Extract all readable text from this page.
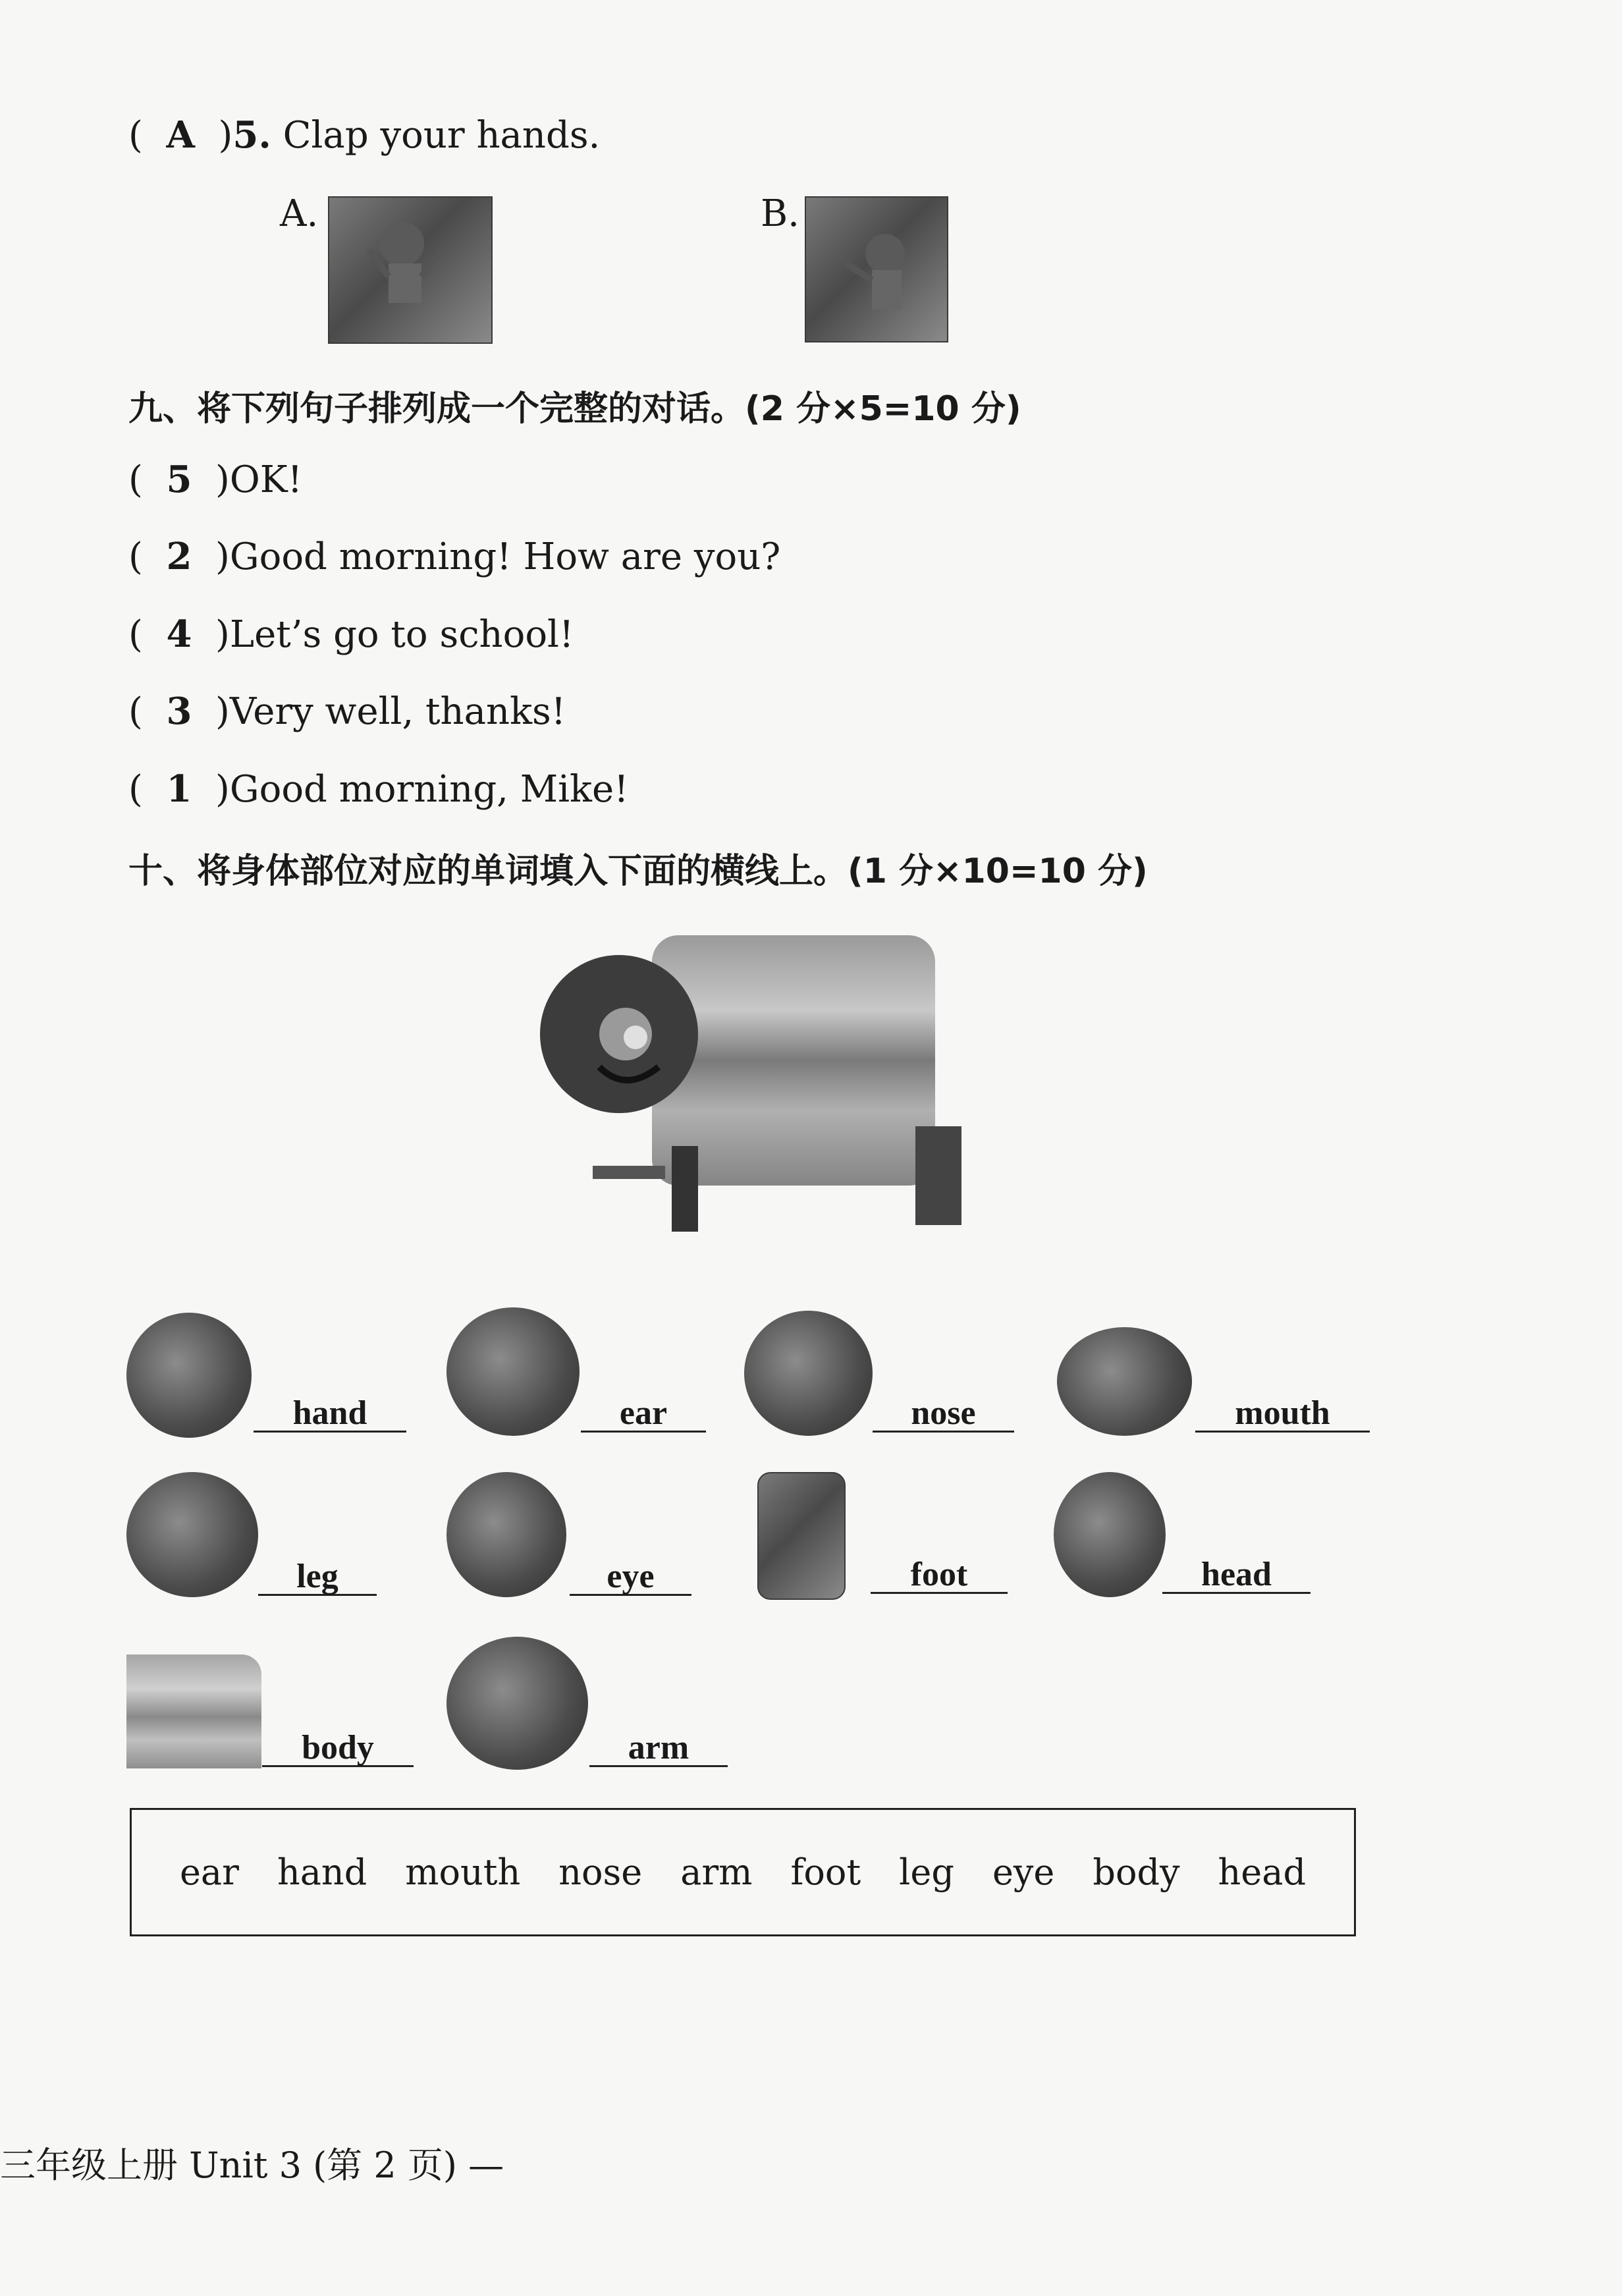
( A )5. Clap your hands.
A.	B.
九、将下列句子排列成一个完整的对话。(2 分×5=10 分)
( 5 )OK!
( 2 )Good morning! How are you?
( 4 )Let’s go to school!
( 3 )Very well, thanks!
( 1 )Good morning, Mike!
十、将身体部位对应的单词填入下面的横线上。(1 分×10=10 分)
hand	ear	nose	mouth
leg	eye	foot	head
body	arm
ear hand mouth nose arm foot leg eye body head
三年级上册 Unit 3 (第 2 页) —
